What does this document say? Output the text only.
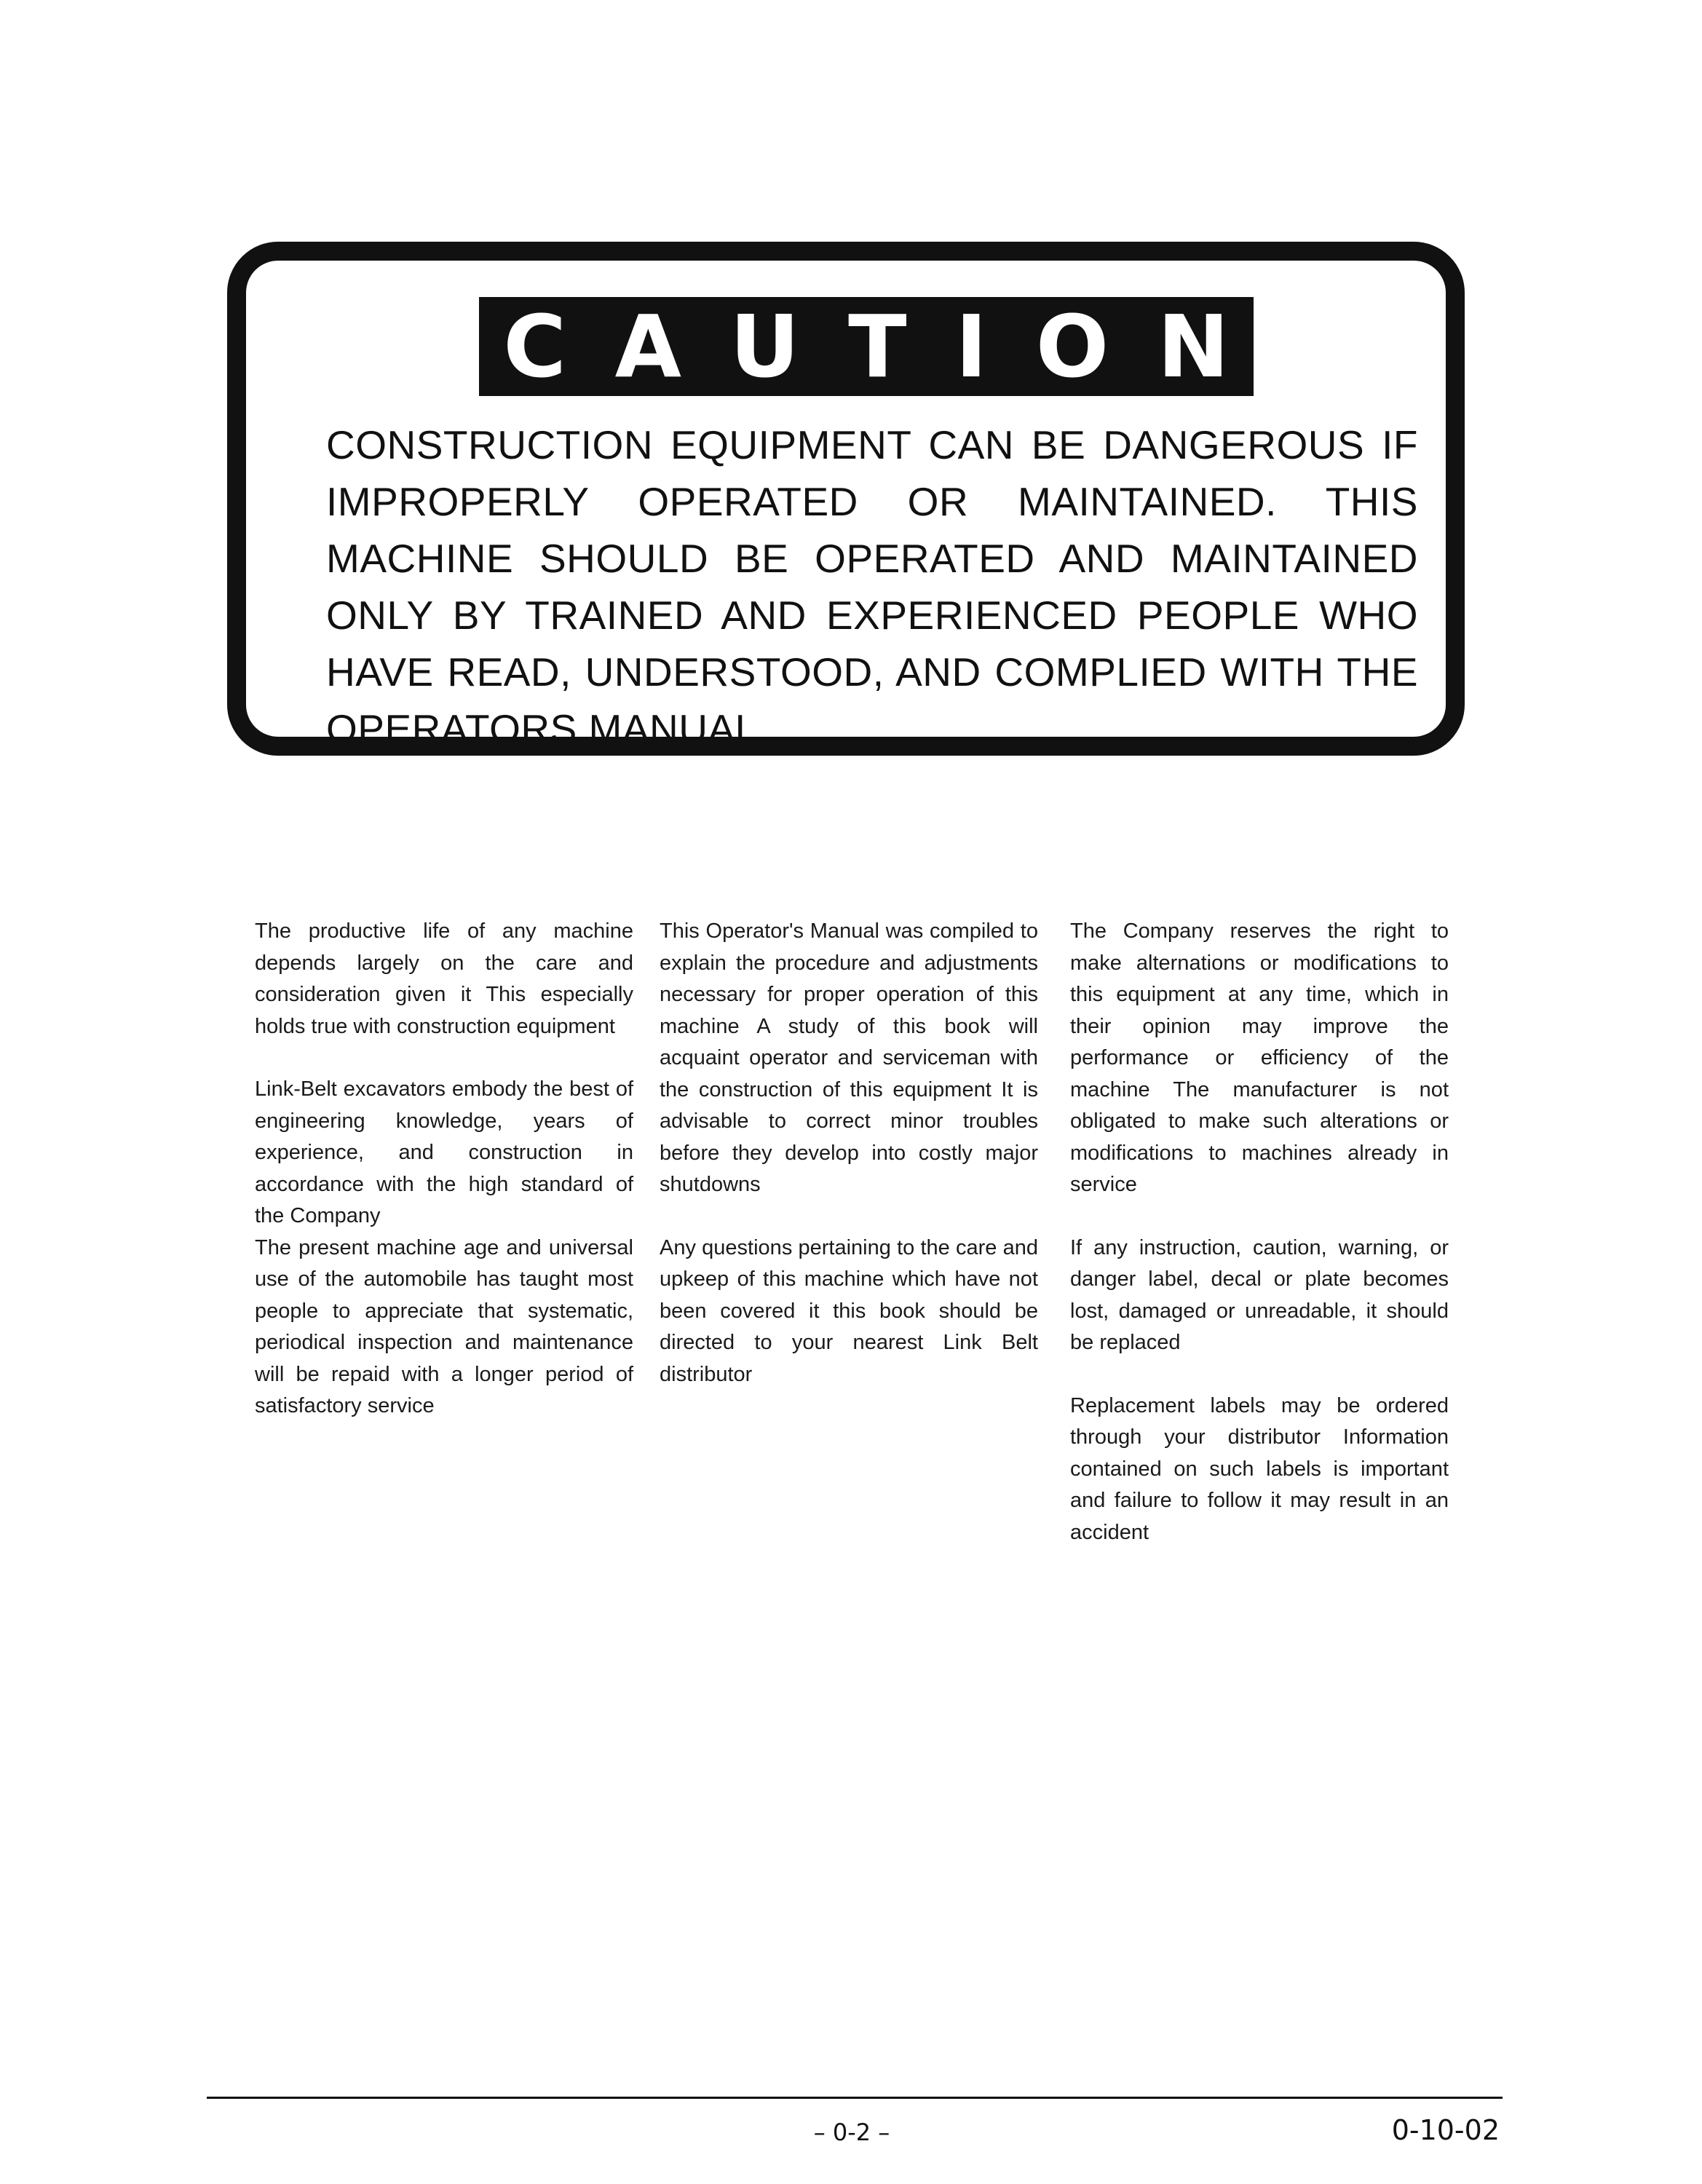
C A U T I O N

CONSTRUCTION EQUIPMENT CAN BE DANGEROUS IF IMPROPERLY OPERATED OR MAINTAINED. THIS MACHINE SHOULD BE OPERATED AND MAINTAINED ONLY BY TRAINED AND EXPERIENCED PEOPLE WHO HAVE READ, UNDERSTOOD, AND COMPLIED WITH THE OPERATORS MANUAL.

The productive life of any machine depends largely on the care and consideration given it This especially holds true with construction equipment

Link-Belt excavators embody the best of engineering knowledge, years of experience, and construction in accordance with the high standard of the Company

The present machine age and universal use of the automobile has taught most people to appreciate that systematic, periodical inspection and maintenance will be repaid with a longer period of satisfactory service

This Operator's Manual was compiled to explain the procedure and adjustments necessary for proper operation of this machine A study of this book will acquaint operator and serviceman with the construction of this equipment It is advisable to correct minor troubles before they develop into costly major shutdowns

Any questions pertaining to the care and upkeep of this machine which have not been covered it this book should be directed to your nearest Link Belt distributor

The Company reserves the right to make alternations or modifications to this equipment at any time, which in their opinion may improve the performance or efficiency of the machine The manufacturer is not obligated to make such alterations or modifications to machines already in service

If any instruction, caution, warning, or danger label, decal or plate becomes lost, damaged or unreadable, it should be replaced

Replacement labels may be ordered through your distributor Information contained on such labels is important and failure to follow it may result in an accident

– 0-2 –	0-10-02
